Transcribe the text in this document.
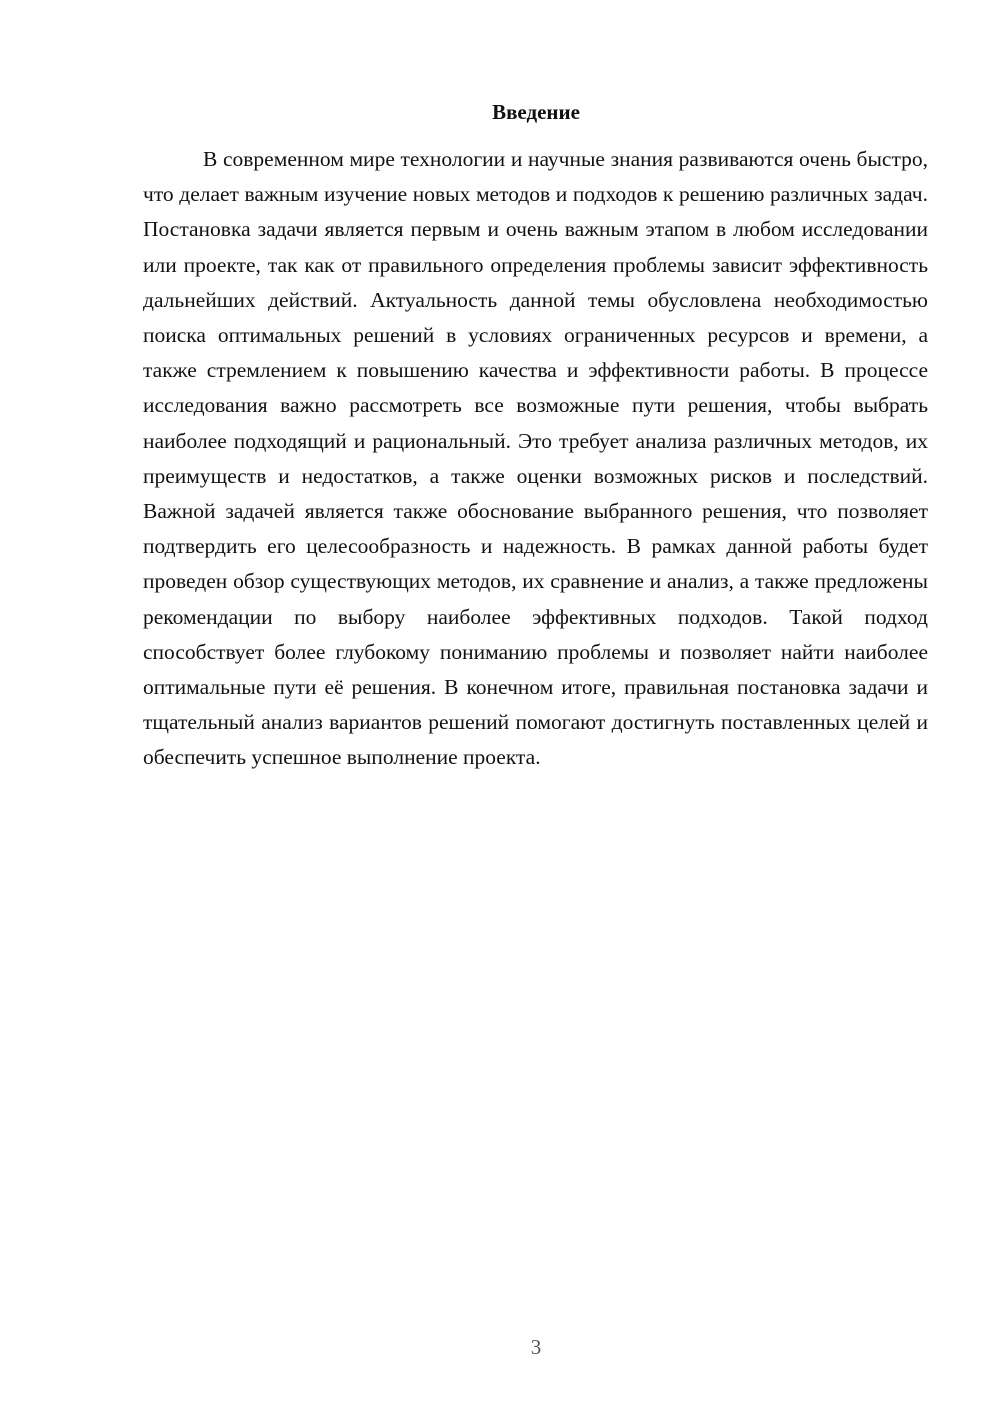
Введение

В современном мире технологии и научные знания развиваются очень быстро, что делает важным изучение новых методов и подходов к решению различных задач. Постановка задачи является первым и очень важным этапом в любом исследовании или проекте, так как от правильного определения проблемы зависит эффективность дальнейших действий. Актуальность данной темы обусловлена необходимостью поиска оптимальных решений в условиях ограниченных ресурсов и времени, а также стремлением к повышению качества и эффективности работы. В процессе исследования важно рассмотреть все возможные пути решения, чтобы выбрать наиболее подходящий и рациональный. Это требует анализа различных методов, их преимуществ и недостатков, а также оценки возможных рисков и последствий. Важной задачей является также обоснование выбранного решения, что позволяет подтвердить его целесообразность и надежность. В рамках данной работы будет проведен обзор существующих методов, их сравнение и анализ, а также предложены рекомендации по выбору наиболее эффективных подходов. Такой подход способствует более глубокому пониманию проблемы и позволяет найти наиболее оптимальные пути её решения. В конечном итоге, правильная постановка задачи и тщательный анализ вариантов решений помогают достигнуть поставленных целей и обеспечить успешное выполнение проекта.

3
